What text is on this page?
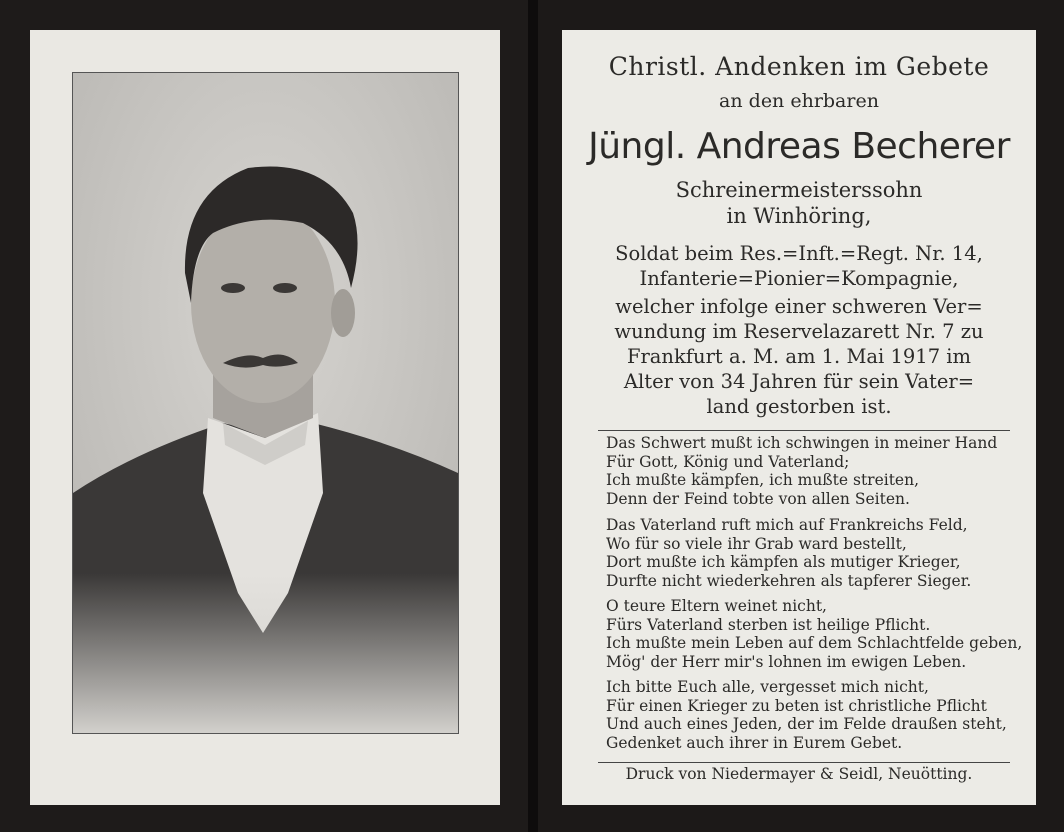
Christl. Andenken im Gebete
an den ehrbaren
Jüngl. Andreas Becherer
Schreinermeisterssohn
in Winhöring,
Soldat beim Res.=Inft.=Regt. Nr. 14,
Infanterie=Pionier=Kompagnie,
welcher infolge einer schweren Ver=
wundung im Reservelazarett Nr. 7 zu
Frankfurt a. M. am 1. Mai 1917 im
Alter von 34 Jahren für sein Vater=
land gestorben ist.
Das Schwert mußt ich schwingen in meiner Hand
Für Gott, König und Vaterland;
Ich mußte kämpfen, ich mußte streiten,
Denn der Feind tobte von allen Seiten.
Das Vaterland ruft mich auf Frankreichs Feld,
Wo für so viele ihr Grab ward bestellt,
Dort mußte ich kämpfen als mutiger Krieger,
Durfte nicht wiederkehren als tapferer Sieger.
O teure Eltern weinet nicht,
Fürs Vaterland sterben ist heilige Pflicht.
Ich mußte mein Leben auf dem Schlachtfelde geben,
Mög' der Herr mir's lohnen im ewigen Leben.
Ich bitte Euch alle, vergesset mich nicht,
Für einen Krieger zu beten ist christliche Pflicht
Und auch eines Jeden, der im Felde draußen steht,
Gedenket auch ihrer in Eurem Gebet.
Druck von Niedermayer & Seidl, Neuötting.
